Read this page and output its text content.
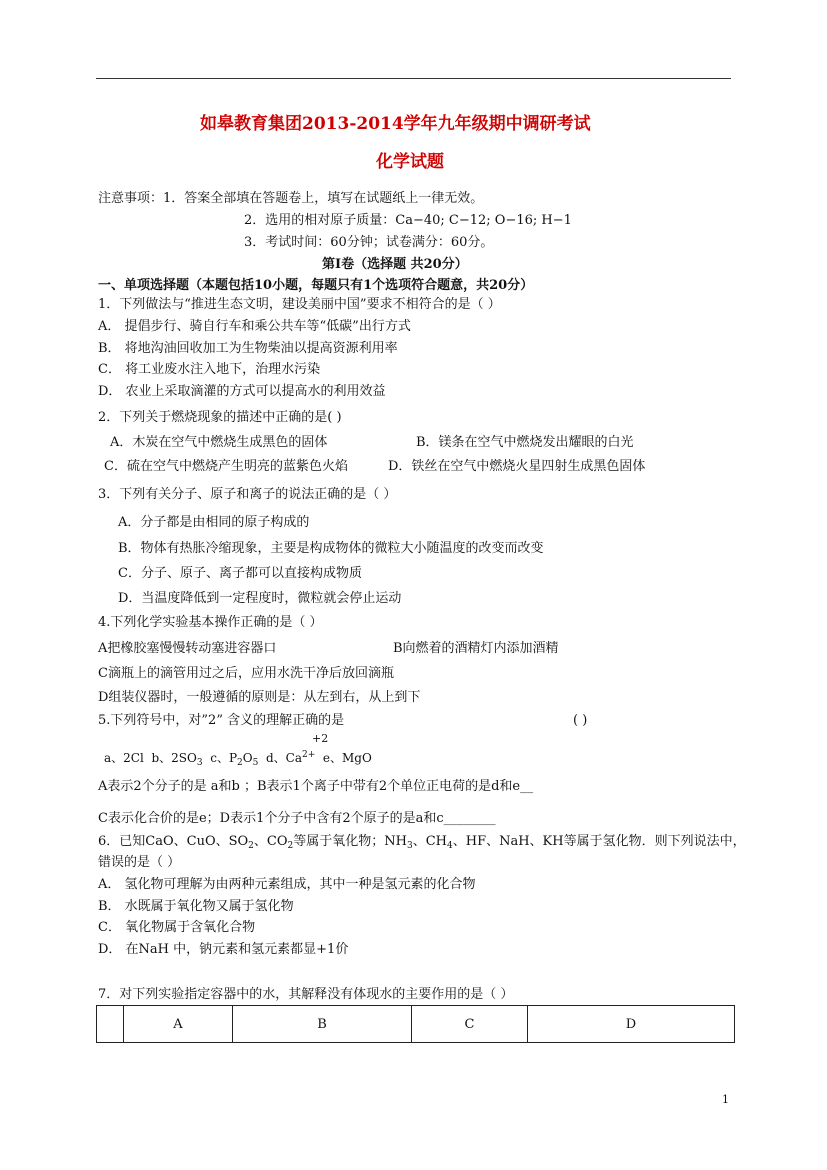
如皋教育集团2013-2014学年九年级期中调研考试
化学试题
注意事项：1．答案全部填在答题卷上，填写在试题纸上一律无效。
2．选用的相对原子质量：Ca−40; C−12; O−16; H−1
3．考试时间：60分钟；试卷满分：60分。
第Ⅰ卷（选择题 共20分）
一、单项选择题（本题包括10小题，每题只有1个选项符合题意，共20分）
1．下列做法与“推进生态文明，建设美丽中国”要求不相符合的是（ ）
A． 提倡步行、骑自行车和乘公共车等“低碳”出行方式
B． 将地沟油回收加工为生物柴油以提高资源利用率
C． 将工业废水注入地下，治理水污染
D． 农业上采取滴灌的方式可以提高水的利用效益
2．下列关于燃烧现象的描述中正确的是( )
A．木炭在空气中燃烧生成黑色的固体	B．镁条在空气中燃烧发出耀眼的白光
C．硫在空气中燃烧产生明亮的蓝紫色火焰	D．铁丝在空气中燃烧火星四射生成黑色固体
3．下列有关分子、原子和离子的说法正确的是（ ）
A．分子都是由相同的原子构成的
B．物体有热胀冷缩现象，主要是构成物体的微粒大小随温度的改变而改变
C．分子、原子、离子都可以直接构成物质
D．当温度降低到一定程度时，微粒就会停止运动
4.下列化学实验基本操作正确的是（ ）
A把橡胶塞慢慢转动塞进容器口	B向燃着的酒精灯内添加酒精
C滴瓶上的滴管用过之后，应用水洗干净后放回滴瓶
D组装仪器时，一般遵循的原则是：从左到右，从上到下
5.下列符号中，对”2” 含义的理解正确的是	( )
+2
a、2Cl b、$2SO_3$ c、$P_2O_5$ d、$Ca^{2+}$ e、MgO
A表示2个分子的是 a和b ；B表示1个离子中带有2个单位正电荷的是d和e__
C表示化合价的是e；D表示1个分子中含有2个原子的是a和c________
6．已知CaO、CuO、$SO_2$、$CO_2$等属于氧化物；$NH_3$、$CH_4$、HF、NaH、KH等属于氢化物．则下列说法中，
错误的是（ ）
A． 氢化物可理解为由两种元素组成，其中一种是氢元素的化合物
B． 水既属于氧化物又属于氢化物
C． 氧化物属于含氧化合物
D． 在NaH 中，钠元素和氢元素都显+1价
7．对下列实验指定容器中的水，其解释没有体现水的主要作用的是（ ）
	A	B	C	D
1
